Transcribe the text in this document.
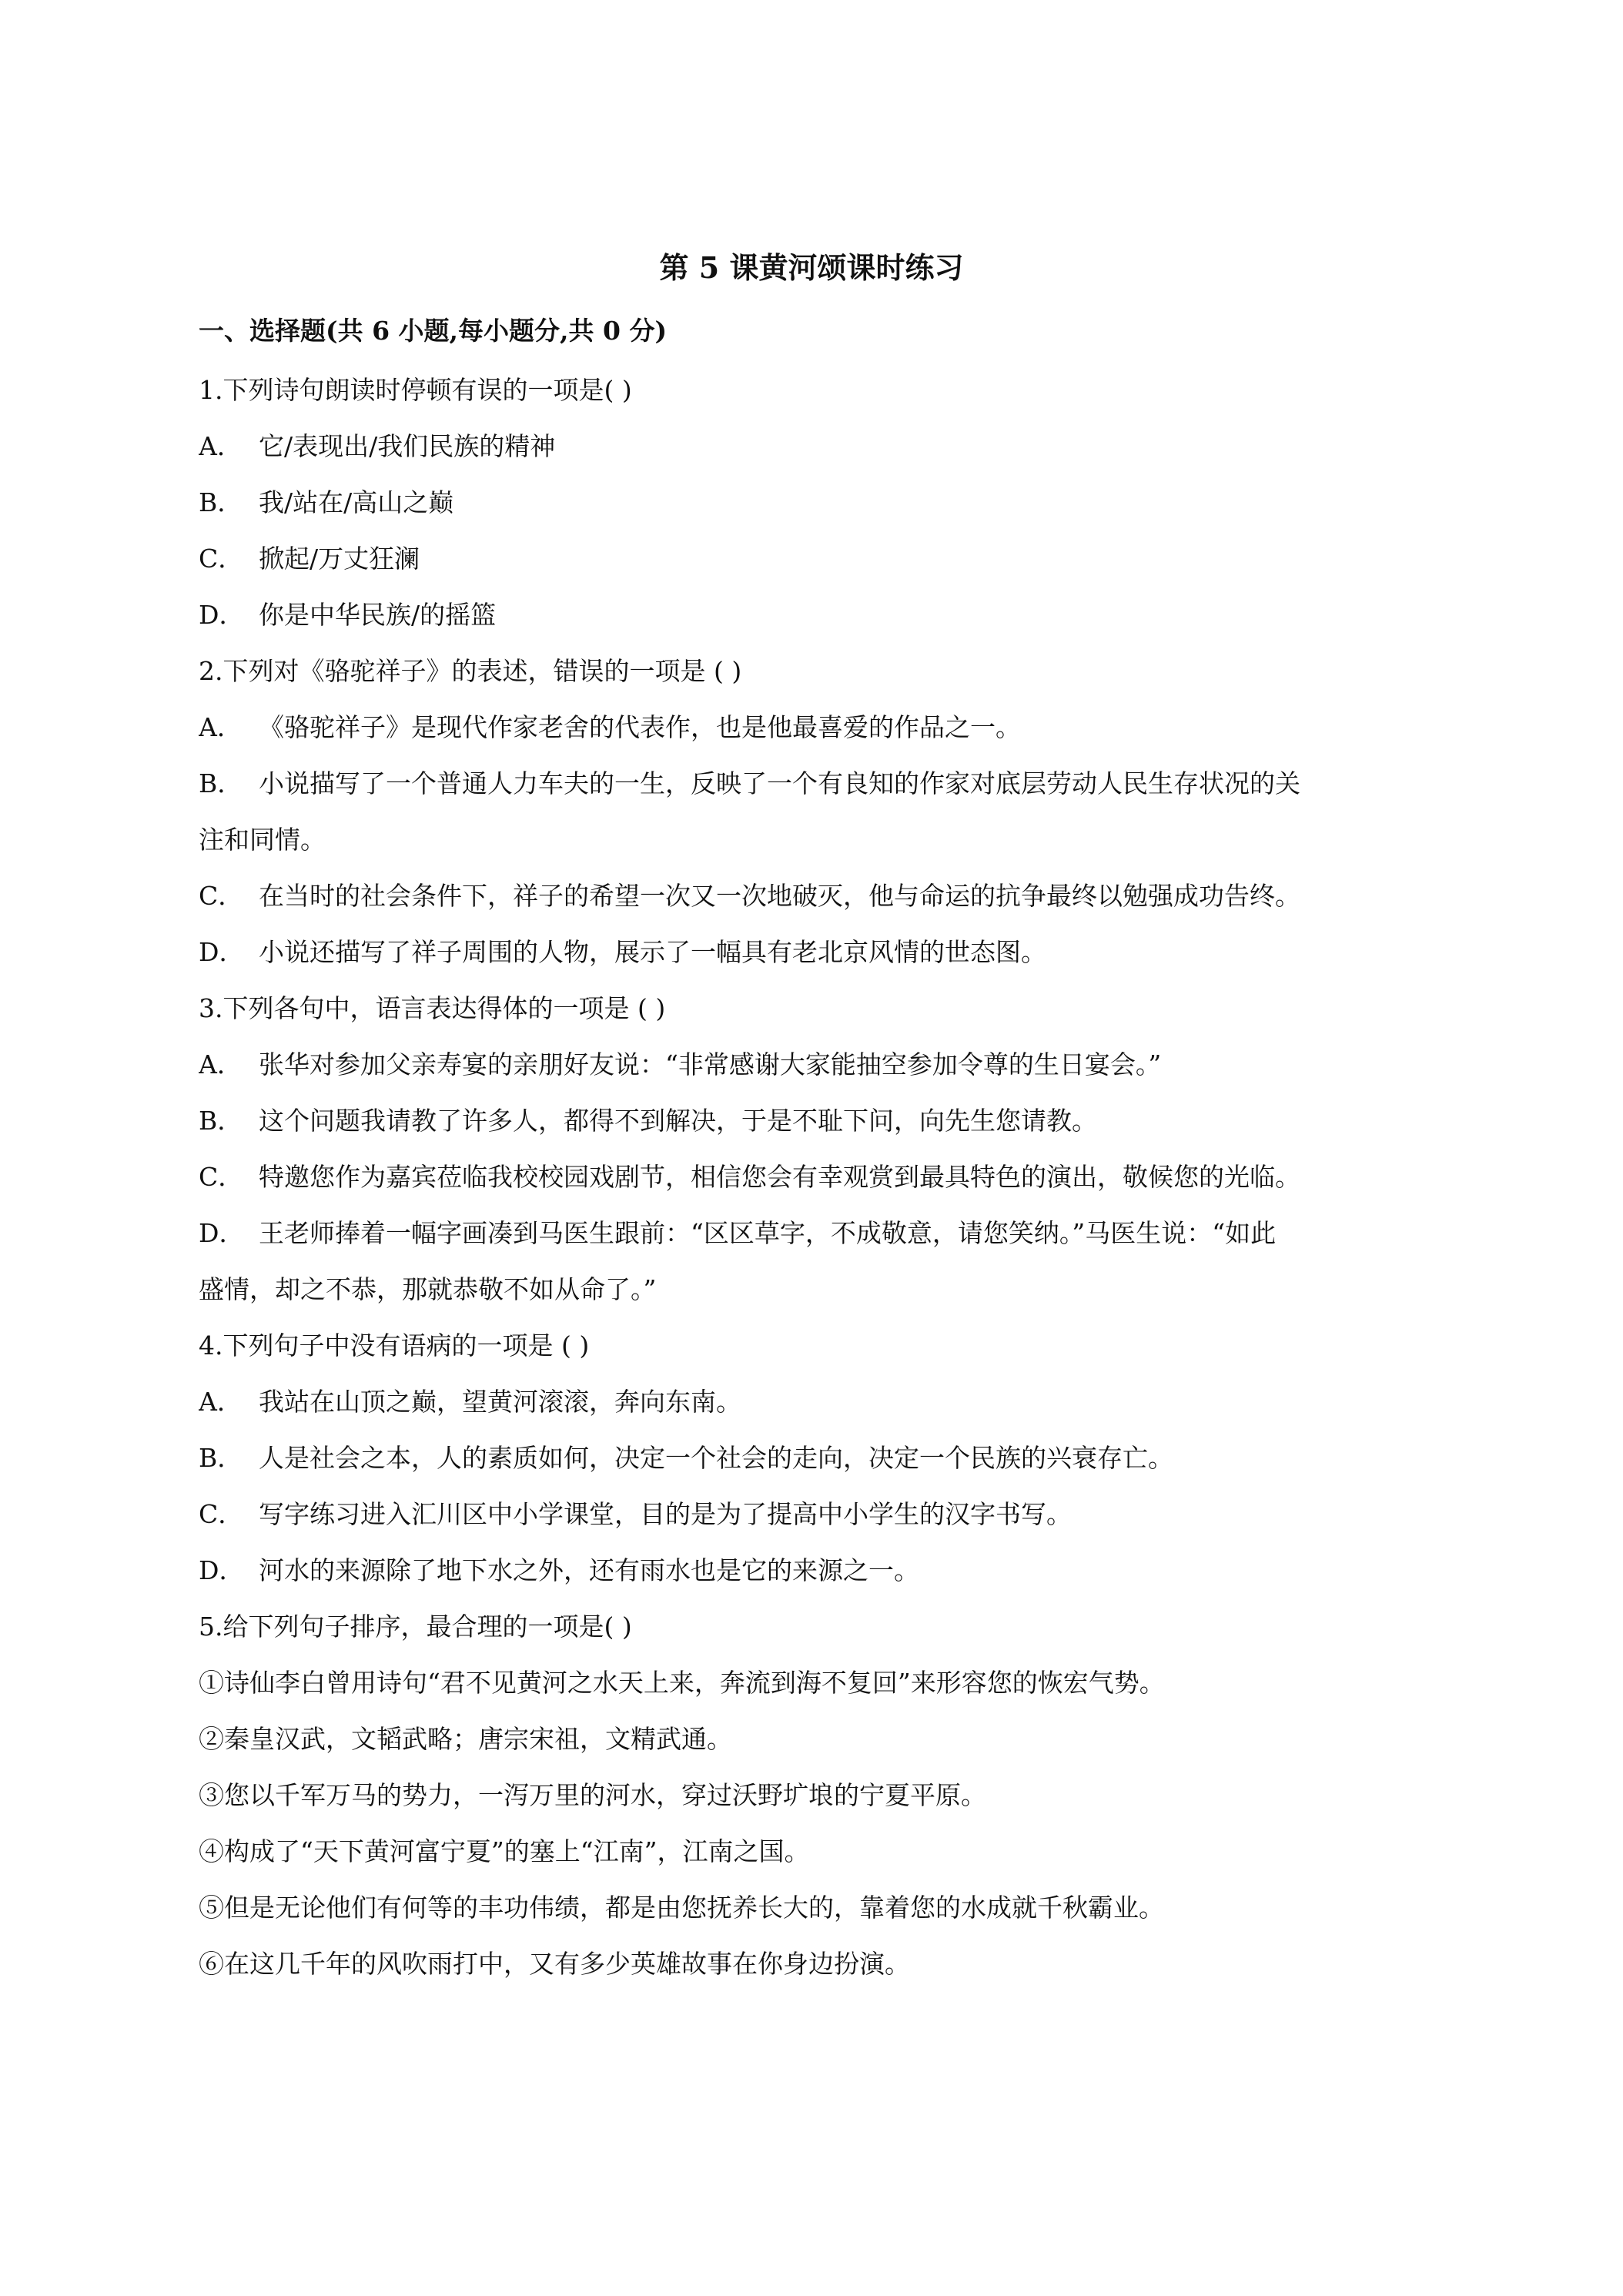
第 5 课黄河颂课时练习
一、选择题(共 6 小题,每小题分,共 0 分)
1.下列诗句朗读时停顿有误的一项是( )
A． 它/表现出/我们民族的精神
B． 我/站在/高山之巅
C． 掀起/万丈狂澜
D． 你是中华民族/的摇篮
2.下列对《骆驼祥子》的表述，错误的一项是 ( )
A． 《骆驼祥子》是现代作家老舍的代表作，也是他最喜爱的作品之一。
B． 小说描写了一个普通人力车夫的一生，反映了一个有良知的作家对底层劳动人民生存状况的关
注和同情。
C． 在当时的社会条件下，祥子的希望一次又一次地破灭，他与命运的抗争最终以勉强成功告终。
D． 小说还描写了祥子周围的人物，展示了一幅具有老北京风情的世态图。
3.下列各句中，语言表达得体的一项是 ( )
A． 张华对参加父亲寿宴的亲朋好友说：“非常感谢大家能抽空参加令尊的生日宴会。”
B． 这个问题我请教了许多人，都得不到解决，于是不耻下问，向先生您请教。
C． 特邀您作为嘉宾莅临我校校园戏剧节，相信您会有幸观赏到最具特色的演出，敬候您的光临。
D． 王老师捧着一幅字画凑到马医生跟前：“区区草字，不成敬意，请您笑纳。”马医生说：“如此
盛情，却之不恭，那就恭敬不如从命了。”
4.下列句子中没有语病的一项是 ( )
A． 我站在山顶之巅，望黄河滚滚，奔向东南。
B． 人是社会之本，人的素质如何，决定一个社会的走向，决定一个民族的兴衰存亡。
C． 写字练习进入汇川区中小学课堂，目的是为了提高中小学生的汉字书写。
D． 河水的来源除了地下水之外，还有雨水也是它的来源之一。
5.给下列句子排序，最合理的一项是( )
①诗仙李白曾用诗句“君不见黄河之水天上来，奔流到海不复回”来形容您的恢宏气势。
②秦皇汉武，文韬武略；唐宗宋祖，文精武通。
③您以千军万马的势力，一泻万里的河水，穿过沃野圹埌的宁夏平原。
④构成了“天下黄河富宁夏”的塞上“江南”，江南之国。
⑤但是无论他们有何等的丰功伟绩，都是由您抚养长大的，靠着您的水成就千秋霸业。
⑥在这几千年的风吹雨打中，又有多少英雄故事在你身边扮演。
